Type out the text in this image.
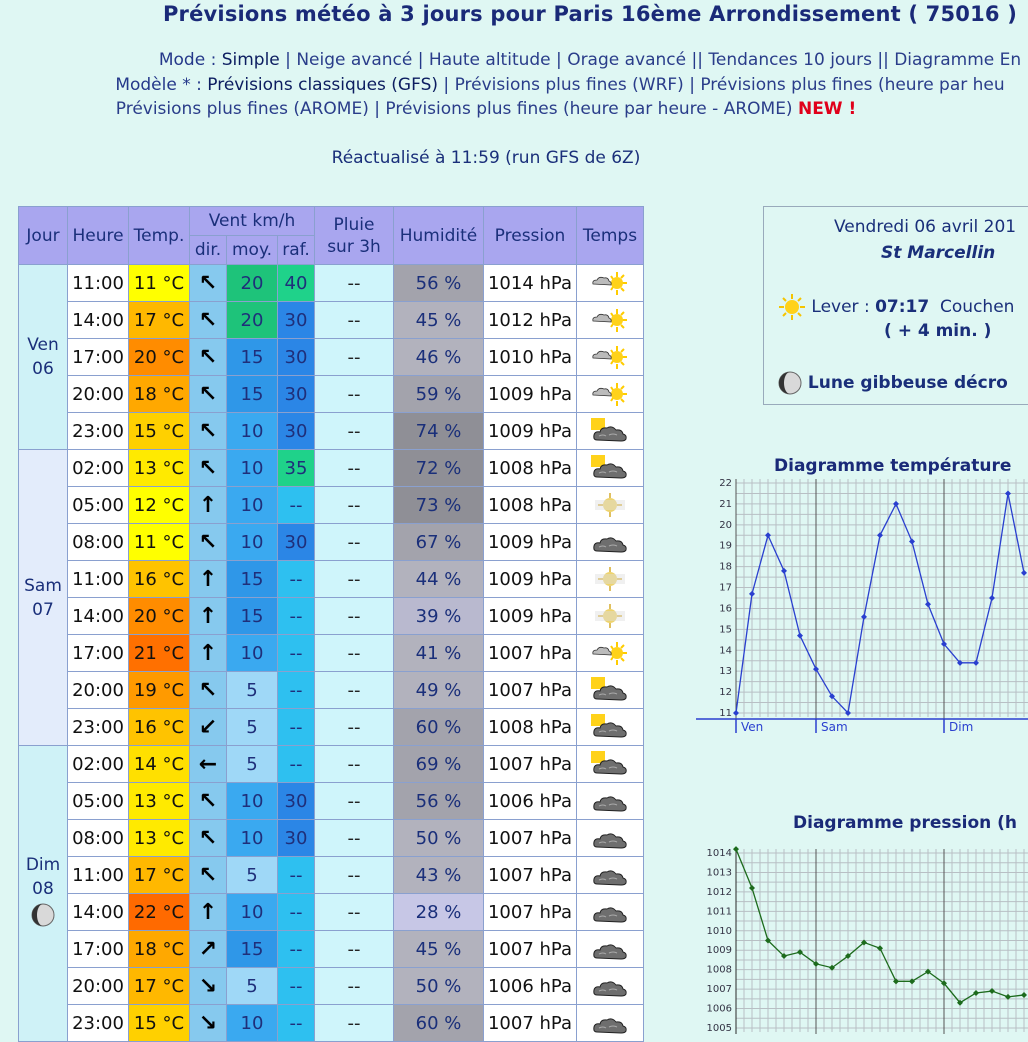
Prévisions météo à 3 jours pour Paris 16ème Arrondissement ( 75016 )
Mode : Simple | Neige avancé | Haute altitude | Orage avancé || Tendances 10 jours || Diagramme En
Modèle * : Prévisions classiques (GFS) | Prévisions plus fines (WRF) | Prévisions plus fines (heure par heu
Prévisions plus fines (AROME) | Prévisions plus fines (heure par heure - AROME) NEW !
Réactualisé à 11:59 (run GFS de 6Z)
Jour	Heure	Temp.	Vent km/h			Pluie sur 3h	Humidité	Pression	Temps
			dir.	moy.	raf.				
Ven
06	11:00	11 °C	↖	20	40	--	56 %	1014 hPa	
	14:00	17 °C	↖	20	30	--	45 %	1012 hPa	
	17:00	20 °C	↖	15	30	--	46 %	1010 hPa	
	20:00	18 °C	↖	15	30	--	59 %	1009 hPa	
	23:00	15 °C	↖	10	30	--	74 %	1009 hPa	
Sam
07	02:00	13 °C	↖	10	35	--	72 %	1008 hPa	
	05:00	12 °C	↑	10	--	--	73 %	1008 hPa	
	08:00	11 °C	↖	10	30	--	67 %	1009 hPa	
	11:00	16 °C	↑	15	--	--	44 %	1009 hPa	
	14:00	20 °C	↑	15	--	--	39 %	1009 hPa	
	17:00	21 °C	↑	10	--	--	41 %	1007 hPa	
	20:00	19 °C	↖	5	--	--	49 %	1007 hPa	
	23:00	16 °C	↙	5	--	--	60 %	1008 hPa	
Dim
08	02:00	14 °C	←	5	--	--	69 %	1007 hPa	
	05:00	13 °C	↖	10	30	--	56 %	1006 hPa	
	08:00	13 °C	↖	10	30	--	50 %	1007 hPa	
	11:00	17 °C	↖	5	--	--	43 %	1007 hPa	
	14:00	22 °C	↑	10	--	--	28 %	1007 hPa	
	17:00	18 °C	↗	15	--	--	45 %	1007 hPa	
	20:00	17 °C	↘	5	--	--	50 %	1006 hPa	
	23:00	15 °C	↘	10	--	--	60 %	1007 hPa	
Vendredi 06 avril 201
St Marcellin
Lever : 07:17 Couchen
( + 4 min. )
Lune gibbeuse décro
Diagramme température
11
12
13
14
15
16
17
18
19
20
21
22
Ven	Sam	Dim
Diagramme pression (h
1005
1006
1007
1008
1009
1010
1011
1012
1013
1014
